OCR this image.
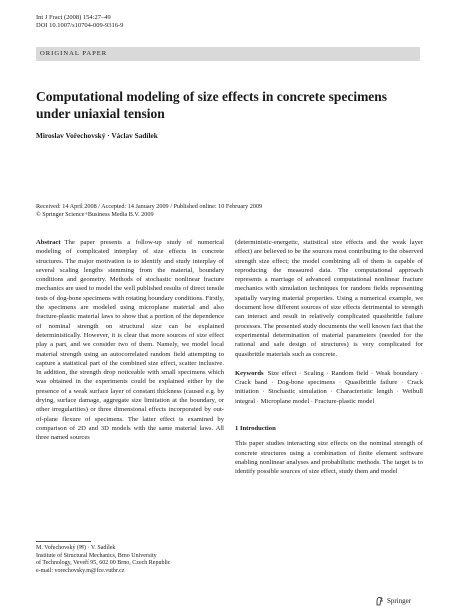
Int J Fract (2008) 154:27–49
DOI 10.1007/s10704-009-9316-9
ORIGINAL PAPER
Computational modeling of size effects in concrete specimens under uniaxial tension
Miroslav Vořechovský · Václav Sadílek
Received: 14 April 2008 / Accepted: 14 January 2009 / Published online: 10 February 2009
© Springer Science+Business Media B.V. 2009
Abstract The paper presents a follow-up study of numerical modeling of complicated interplay of size effects in concrete structures. The major motivation is to identify and study interplay of several scaling lengths stemming from the material, boundary conditions and geometry. Methods of stochastic nonlinear fracture mechanics are used to model the well published results of direct tensile tests of dog-bone specimens with rotating boundary conditions. Firstly, the specimens are modeled using microplane material and also fracture-plastic material laws to show that a portion of the dependence of nominal strength on structural size can be explained deterministically. However, it is clear that more sources of size effect play a part, and we consider two of them. Namely, we model local material strength using an autocorrelated random field attempting to capture a statistical part of the combined size effect, scatter inclusive. In addition, the strength drop noticeable with small specimens which was obtained in the experiments could be explained either by the presence of a weak surface layer of constant thickness (caused e.g. by drying, surface damage, aggregate size limitation at the boundary, or other irregularities) or three dimensional effects incorporated by out-of-plane flexure of specimens. The latter effect is examined by comparison of 2D and 3D models with the same material laws. All three named sources
(deterministic-energetic, statistical size effects and the weak layer effect) are believed to be the sources most contributing to the observed strength size effect; the model combining all of them is capable of reproducing the measured data. The computational approach represents a marriage of advanced computational nonlinear fracture mechanics with simulation techniques for random fields representing spatially varying material properties. Using a numerical example, we document how different sources of size effects detrimental to strength can interact and result in relatively complicated quasibrittle failure processes. The presented study documents the well known fact that the experimental determination of material parameters (needed for the rational and safe design of structures) is very complicated for quasibrittle materials such as concrete.
Keywords Size effect · Scaling · Random field · Weak boundary · Crack band · Dog-bone specimens · Quasibrittle failure · Crack initiation · Stochastic simulation · Characteristic length · Weibull integral · Microplane model · Fracture-plastic model
1 Introduction
This paper studies interacting size effects on the nominal strength of concrete structures using a combination of finite element software enabling nonlinear analyses and probabilistic methods. The target is to identify possible sources of size effect, study them and model
M. Vořechovský (✉) · V. Sadílek
Institute of Structural Mechanics, Brno University
of Technology, Veveří 95, 602 00 Brno, Czech Republic
e-mail: vorechovsky.m@fce.vutbr.cz
Springer
